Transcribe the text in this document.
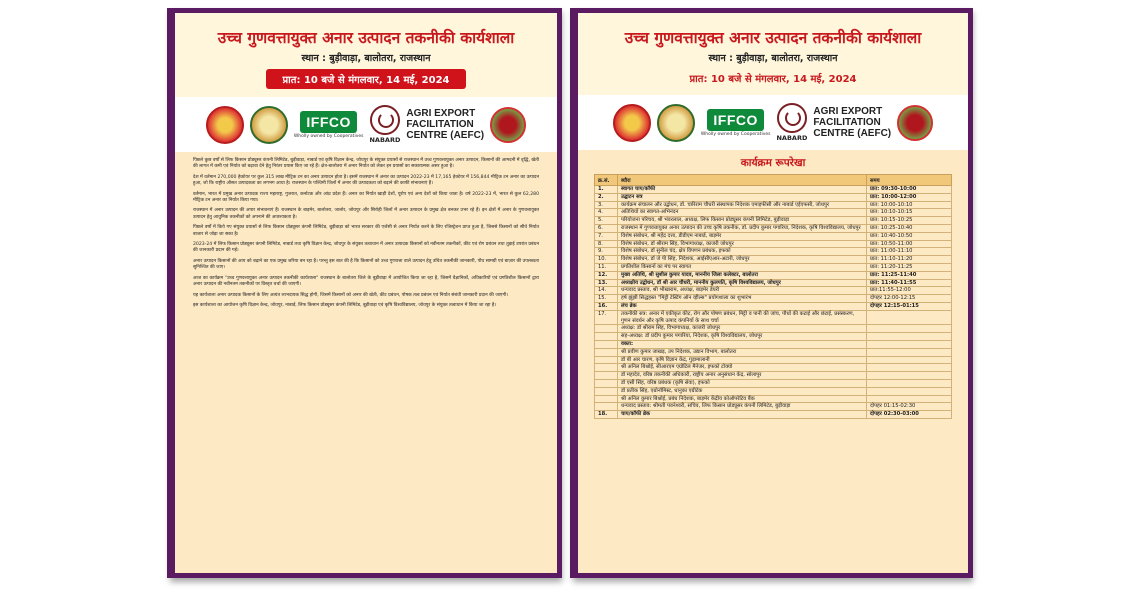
उच्च गुणवत्तायुक्त अनार उत्पादन तकनीकी कार्यशाला
स्थान : बुड़ीवाड़ा, बालोतरा, राजस्थान
प्रात: 10 बजे से मंगलवार, 14 मई, 2024
IFFCO
Wholly owned by Cooperatives NABARD
AGRI EXPORT
FACILITATION
CENTRE (AEFC)

पिछले कुछ वर्षों से लिफ किसान प्रोड्यूसर कंपनी लिमिटेड, बुड़ीवाड़ा, नाबार्ड एवं कृषि विज्ञान केन्द्र, जोधपुर के संयुक्त प्रयासों से राजस्थान में उच्च गुणवत्तायुक्त अनार उत्पादन, किसानों की आमदनी में वृद्धि, खेती की लागत में कमी एवं निर्यात को बढ़ावा देने हेतु निरंतर प्रयास किए जा रहे हैं। क्षेत्र-बालोतरा में अनार निर्यात को लेकर इन प्रयासों का सकारात्मक असर हुआ है।

देश में वर्तमान 270,000 हेक्टेयर पर कुल 315 लाख मीट्रिक टन का अनार उत्पादन होता है। इसमें राजस्थान में अनार का उत्पादन 2022-23 में 17,165 हेक्टेयर में 156,844 मीट्रिक टन अनार का उत्पादन हुआ, जो कि राष्ट्रीय औसत उत्पादकता का लगभग आधा है। राजस्थान के पश्चिमी जिलों में अनार की उत्पादकता को बढ़ाने की काफी संभावनाएं हैं।

वर्तमान, भारत में प्रमुख अनार उत्पादक राज्य महाराष्ट्र, गुजरात, कर्नाटक और आंध्र प्रदेश हैं। अनार का निर्यात खाड़ी देशों, यूरोप एवं अन्य देशों को किया जाता है। वर्ष 2022-23 में, भारत से कुल 62,280 मीट्रिक टन अनार का निर्यात किया गया।

राजस्थान में अनार उत्पादन की अपार संभावनाएं हैं। राजस्थान के बाड़मेर, बालोतरा, जालोर, जोधपुर और सिरोही जिलों में अनार उत्पादन के प्रमुख क्षेत्र बनकर उभर रहे हैं। इन क्षेत्रों में अनार के गुणवत्तायुक्त उत्पादन हेतु आधुनिक तकनीकों को अपनाने की आवश्यकता है।

पिछले वर्षों में किये गए संयुक्त प्रयासों से लिफ किसान प्रोड्यूसर कंपनी लिमिटेड, बुड़ीवाड़ा को भारत सरकार की एजेंसी से अनार निर्यात करने के लिए रजिस्ट्रेशन प्राप्त हुआ है, जिससे किसानों को सीधे निर्यात बाजार से जोड़ा जा सका है।

2023-24 में लिफ किसान प्रोड्यूसर कंपनी लिमिटेड, नाबार्ड तथा कृषि विज्ञान केन्द्र, जोधपुर के संयुक्त तत्वाधान में अनार उत्पादक किसानों को नवीनतम तकनीकों, कीट एवं रोग प्रबंधन तथा तुड़ाई उपरांत प्रबंधन की जानकारी प्रदान की गई।

अनार उत्पादन किसानों की आय को बढ़ाने का एक प्रमुख जरिया बन रहा है। परन्तु इस बात की है कि किसानों को उच्च गुणवत्ता वाले उत्पादन हेतु उचित तकनीकी जानकारी, पौध सामग्री एवं बाज़ार की उपलब्धता सुनिश्चित की जाए।

आज का कार्यक्रम "उच्च गुणवत्तायुक्त अनार उत्पादन तकनीकी कार्यशाला" राजस्थान के बालोतरा जिले के बुड़ीवाड़ा में आयोजित किया जा रहा है, जिसमें वैज्ञानिकों, अधिकारियों एवं प्रगतिशील किसानों द्वारा अनार उत्पादन की नवीनतम तकनीकों पर विस्तृत चर्चा की जाएगी।

यह कार्यशाला अनार उत्पादक किसानों के लिए अत्यंत लाभदायक सिद्ध होगी, जिसमें किसानों को अनार की खेती, कीट प्रबंधन, पोषक तत्व प्रबंधन एवं निर्यात संबंधी जानकारी प्रदान की जाएगी।

इस कार्यशाला का आयोजन कृषि विज्ञान केन्द्र, जोधपुर, नाबार्ड, लिफ किसान प्रोड्यूसर कंपनी लिमिटेड, बुड़ीवाड़ा एवं कृषि विश्वविद्यालय, जोधपुर के संयुक्त तत्वाधान में किया जा रहा है।

उच्च गुणवत्तायुक्त अनार उत्पादन तकनीकी कार्यशाला
स्थान : बुड़ीवाड़ा, बालोतरा, राजस्थान
प्रात: 10 बजे से मंगलवार, 14 मई, 2024
IFFCO
Wholly owned by Cooperatives NABARD
AGRI EXPORT
FACILITATION
CENTRE (AEFC)
कार्यक्रम रूपरेखा
क्र.सं.	ब्यौरा	समय
1.	स्वागत चाय/कॉफी	प्रात: 09:30-10:00
2.	उद्घाटन सत्र	प्रात: 10:00-12:00
3.	कार्यक्रम संचालन और उद्बोधन, डॉ. चारिराम चौधरी संस्थापक निदेशक एमाइफीसी और नाबार्ड एईएफसी, जोधपुर	प्रात: 10:00-10:10
4.	अतिथियों का स्वागत-अभिनंदन	प्रात: 10:10-10:15
5.	परियोजना परिचय, श्री भंवरलाल, अध्यक्ष, लिफ किसान प्रोड्यूसर कंपनी लिमिटेड, बुड़ीवाड़ा	प्रात: 10:15-10:25
6.	राजस्थान में गुणवत्तायुक्त अनार उत्पादन की उच्च कृषि तकनीक, डॉ. प्रदीप कुमार पगारिया, निदेशक, कृषि विश्वविद्यालय, जोधपुर	प्रात: 10:25-10:40
7.	विशेष संबोधन, श्री महेंद्र दत्ता, डीडीएम नाबार्ड, बाड़मेर	प्रात: 10:40-10:50
8.	विशेष संबोधन, डॉ श्रीराम सिंह, विभागाध्यक्ष, काजरी जोधपुर	प्रात: 10:50-11:00
9.	विशेष संबोधन, डॉ सुनील चंद, क्षेत्र विपणन प्रबंधक, इफको	प्रात: 11:00-11:10
10.	विशेष संबोधन, डॉ जे पी सिंह, निदेशक, आईसीएआर-अटारी, जोधपुर	प्रात: 11:10-11:20
11.	प्रगतिशील किसानों का मंच पर स्वागत	प्रात: 11:20-11:25
12.	मुख्य अतिथि, श्री सुशील कुमार यादव, माननीय जिला कलेक्टर, बालोतरा	प्रात: 11:25-11:40
13.	अध्यक्षीय उद्बोधन, डॉ श्री आर चौधरी, माननीय कुलपति, कृषि विश्वविद्यालय, जोधपुर	प्रात: 11:40-11:55
14.	धन्यवाद प्रस्ताव, श्री भीखाराम, अध्यक्ष, बाड़मेर डेयरी	प्रात:11:55-12:00
15.	हर्ष झुंझी सिद्धहस्त "मिट्टी टेस्टिंग ऑन व्हील्स" प्रयोगशाला का शुभारंभ	दोपहर 12:00-12:15
16.	लंच ब्रेक	दोपहर 12:15-01:15
17.	तकनीकी सत्र: अनार में एकीकृत कीट, रोग और पोषण प्रबंधन, मिट्टी व पानी की जांच, पौधों की कटाई और छंटाई, प्रसंस्करण, गुणन संवर्धन और कृषि उत्पाद कंपनियों के साथ चर्चा	
	अध्यक्ष: डॉ श्रीराम सिंह, विभागाध्यक्ष, काजरी जोधपुर	
	सह-अध्यक्ष: डॉ प्रदीप कुमार पगारिया, निदेशक, कृषि विश्वविद्यालय, जोधपुर	
	वक्ता:	
	श्री प्रवीण कुमार जाखड़, उप निदेशक, उद्यान विभाग, बालोतरा	
	डॉ बी आर चारण, कृषि विज्ञान केंद्र, गुड़ामालानी	
	श्री अनिल बिश्नोई, सीआरएम एग्रोटिल मैनेजर, इफको टोक्यो	
	डॉ महादेव, वरिष्ठ तकनीकी अधिकारी, राष्ट्रीय अनार अनुसंधान केंद्र, सोलापुर	
	डॉ एसी सिंह, वरिष्ठ प्रबंधक (कृषि सेवा), इफको	
	डॉ प्रतीक सिंह, एग्रोनॉमिस्ट, धानुका एग्रीटेक	
	श्री अनिल कुमार बिश्नोई, प्रबंध निदेशक, बाड़मेर केंद्रीय कोऑपरेटिव बैंक	
	धन्यवाद प्रस्ताव: श्रीमती पवनेश्वरी, सचिव, लिफ किसान प्रोड्यूसर कंपनी लिमिटेड, बुड़ीवाड़ा	दोपहर 01:15-02:30
18.	चाय/कॉफी ब्रेक	दोपहर 02:30-03:00
